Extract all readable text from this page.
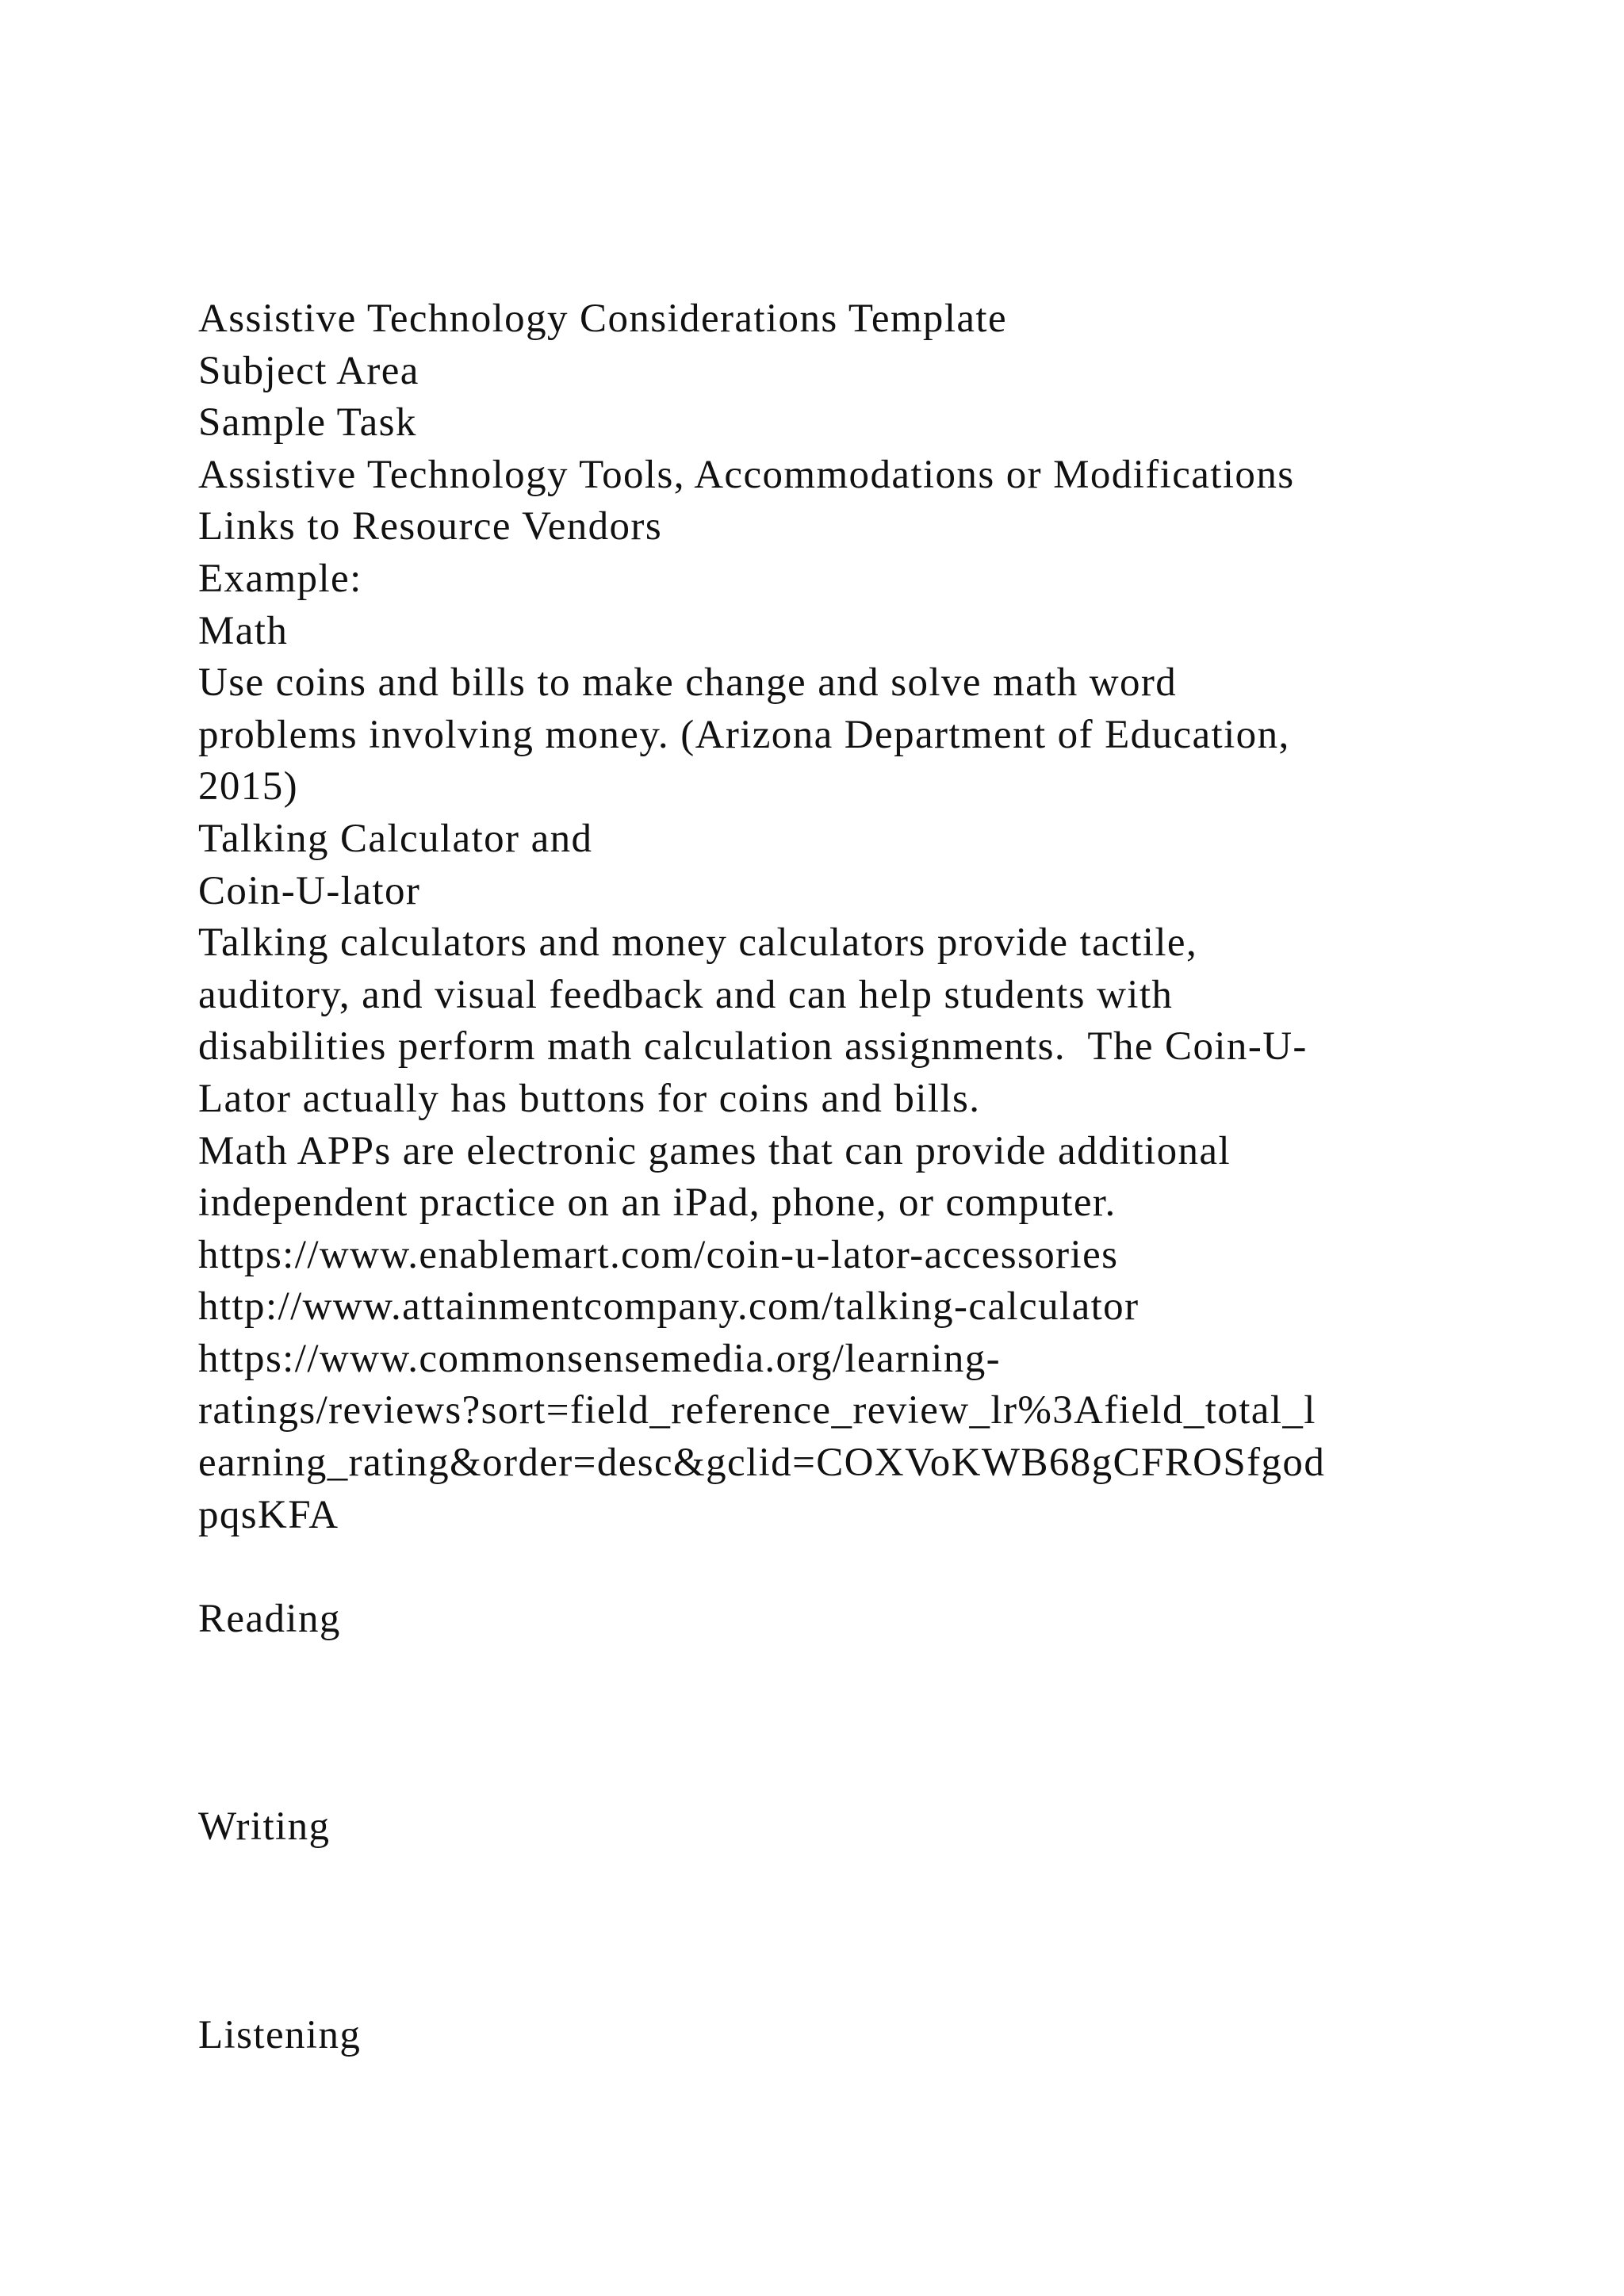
Assistive Technology Considerations Template
Subject Area
Sample Task
Assistive Technology Tools, Accommodations or Modifications
Links to Resource Vendors
Example:
Math
Use coins and bills to make change and solve math word
problems involving money. (Arizona Department of Education,
2015)
Talking Calculator and
Coin-U-lator
Talking calculators and money calculators provide tactile,
auditory, and visual feedback and can help students with
disabilities perform math calculation assignments.  The Coin-U-
Lator actually has buttons for coins and bills.
Math APPs are electronic games that can provide additional
independent practice on an iPad, phone, or computer.
https://www.enablemart.com/coin-u-lator-accessories
http://www.attainmentcompany.com/talking-calculator
https://www.commonsensemedia.org/learning-
ratings/reviews?sort=field_reference_review_lr%3Afield_total_l
earning_rating&order=desc&gclid=COXVoKWB68gCFROSfgod
pqsKFA
Reading
Writing
Listening
